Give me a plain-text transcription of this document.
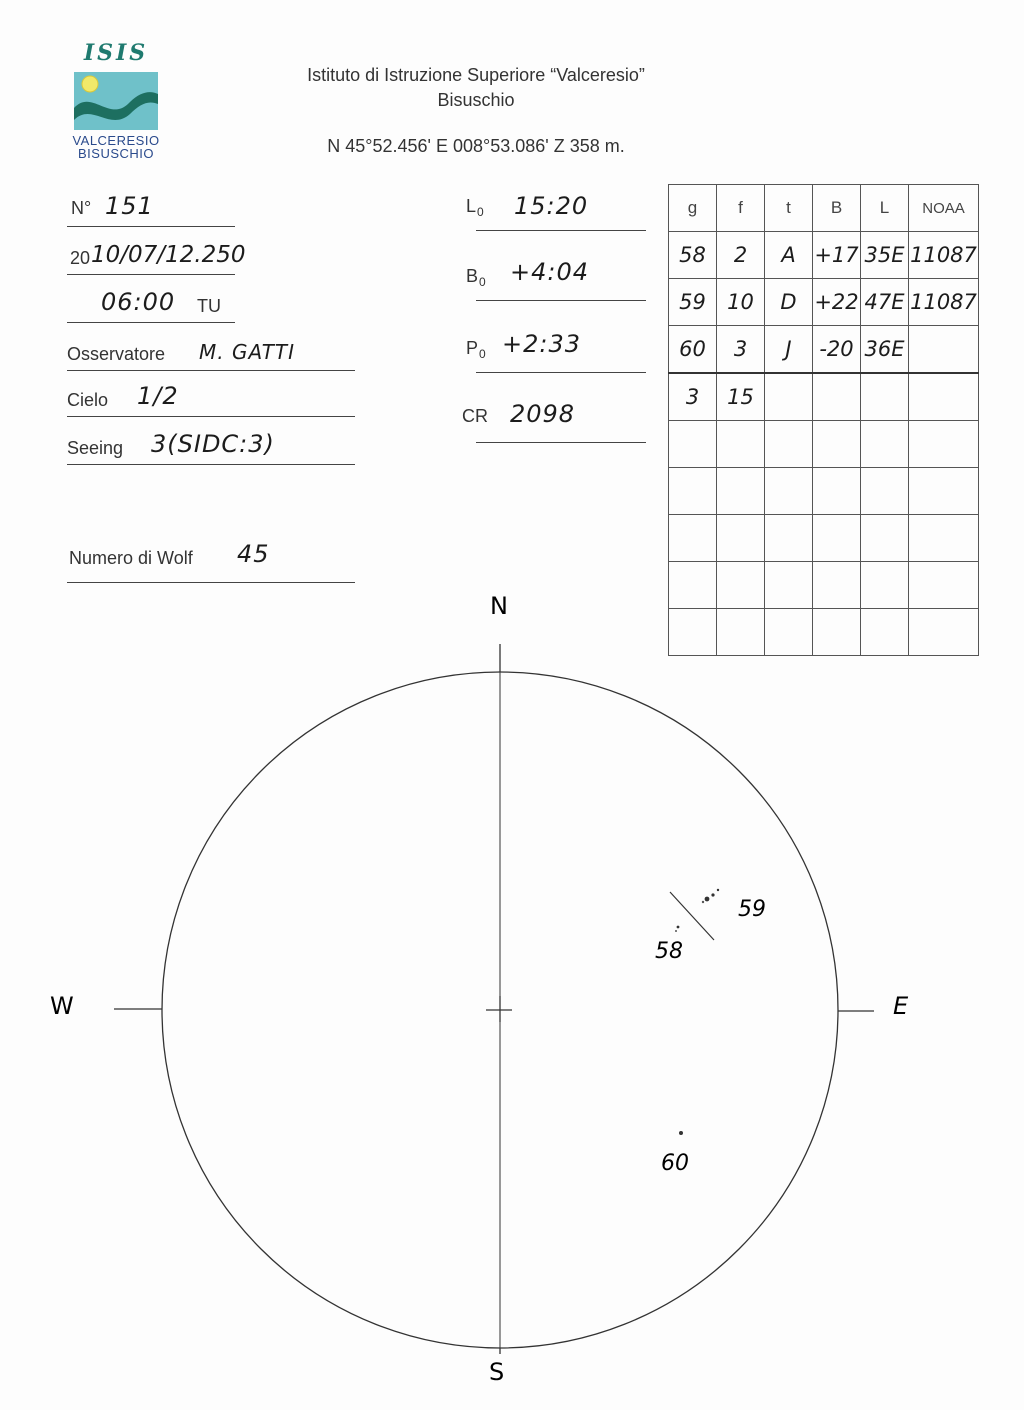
ISIS
VALCERESIO
BISUSCHIO
Istituto di Istruzione Superiore “Valceresio”
Bisuschio
N 45°52.456' E 008°53.086' Z 358 m.
N° 151
20 10/07/12.250
06:00 TU
Osservatore M. GATTI
Cielo 1/2
Seeing 3(SIDC:3)
Numero di Wolf 45
$L_0$ 15:20
$B_0$ +4:04
$P_0$ +2:33
CR 2098
g	f	t	B	L	NOAA
58	2	A	+17	35E	11087
59	10	D	+22	47E	11087
60	3	J	-20	36E	
3	15				

N
S
W	E
59
58
60
